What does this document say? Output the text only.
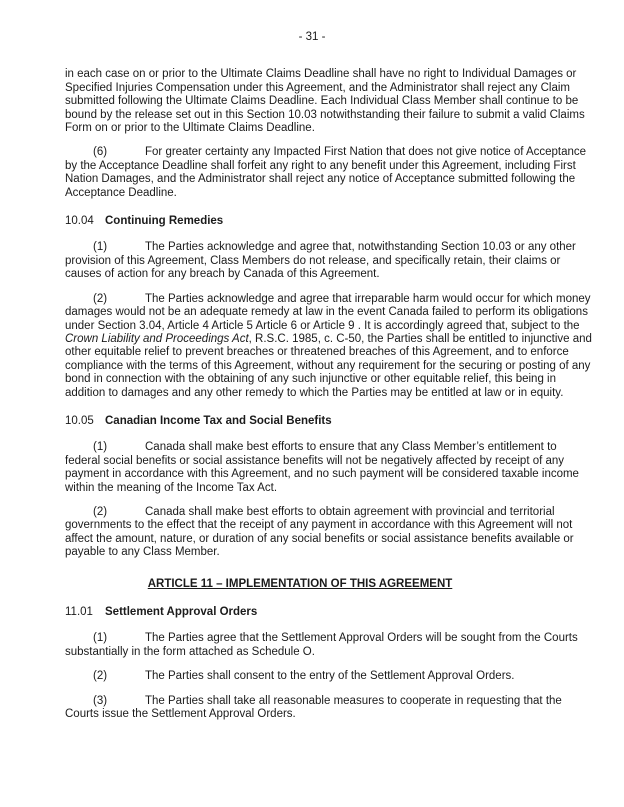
- 31 -

in each case on or prior to the Ultimate Claims Deadline shall have no right to Individual Damages or Specified Injuries Compensation under this Agreement, and the Administrator shall reject any Claim submitted following the Ultimate Claims Deadline. Each Individual Class Member shall continue to be bound by the release set out in this Section 10.03 notwithstanding their failure to submit a valid Claims Form on or prior to the Ultimate Claims Deadline.

(6)	For greater certainty any Impacted First Nation that does not give notice of Acceptance by the Acceptance Deadline shall forfeit any right to any benefit under this Agreement, including First Nation Damages, and the Administrator shall reject any notice of Acceptance submitted following the Acceptance Deadline.

10.04 Continuing Remedies

(1)	The Parties acknowledge and agree that, notwithstanding Section 10.03 or any other provision of this Agreement, Class Members do not release, and specifically retain, their claims or causes of action for any breach by Canada of this Agreement.

(2)	The Parties acknowledge and agree that irreparable harm would occur for which money damages would not be an adequate remedy at law in the event Canada failed to perform its obligations under Section 3.04, Article 4 Article 5 Article 6 or Article 9 . It is accordingly agreed that, subject to the Crown Liability and Proceedings Act, R.S.C. 1985, c. C-50, the Parties shall be entitled to injunctive and other equitable relief to prevent breaches or threatened breaches of this Agreement, and to enforce compliance with the terms of this Agreement, without any requirement for the securing or posting of any bond in connection with the obtaining of any such injunctive or other equitable relief, this being in addition to damages and any other remedy to which the Parties may be entitled at law or in equity.

10.05 Canadian Income Tax and Social Benefits

(1)	Canada shall make best efforts to ensure that any Class Member’s entitlement to federal social benefits or social assistance benefits will not be negatively affected by receipt of any payment in accordance with this Agreement, and no such payment will be considered taxable income within the meaning of the Income Tax Act.

(2)	Canada shall make best efforts to obtain agreement with provincial and territorial governments to the effect that the receipt of any payment in accordance with this Agreement will not affect the amount, nature, or duration of any social benefits or social assistance benefits available or payable to any Class Member.

ARTICLE 11 – IMPLEMENTATION OF THIS AGREEMENT

11.01 Settlement Approval Orders

(1)	The Parties agree that the Settlement Approval Orders will be sought from the Courts substantially in the form attached as Schedule O.

(2)	The Parties shall consent to the entry of the Settlement Approval Orders.

(3)	The Parties shall take all reasonable measures to cooperate in requesting that the Courts issue the Settlement Approval Orders.
